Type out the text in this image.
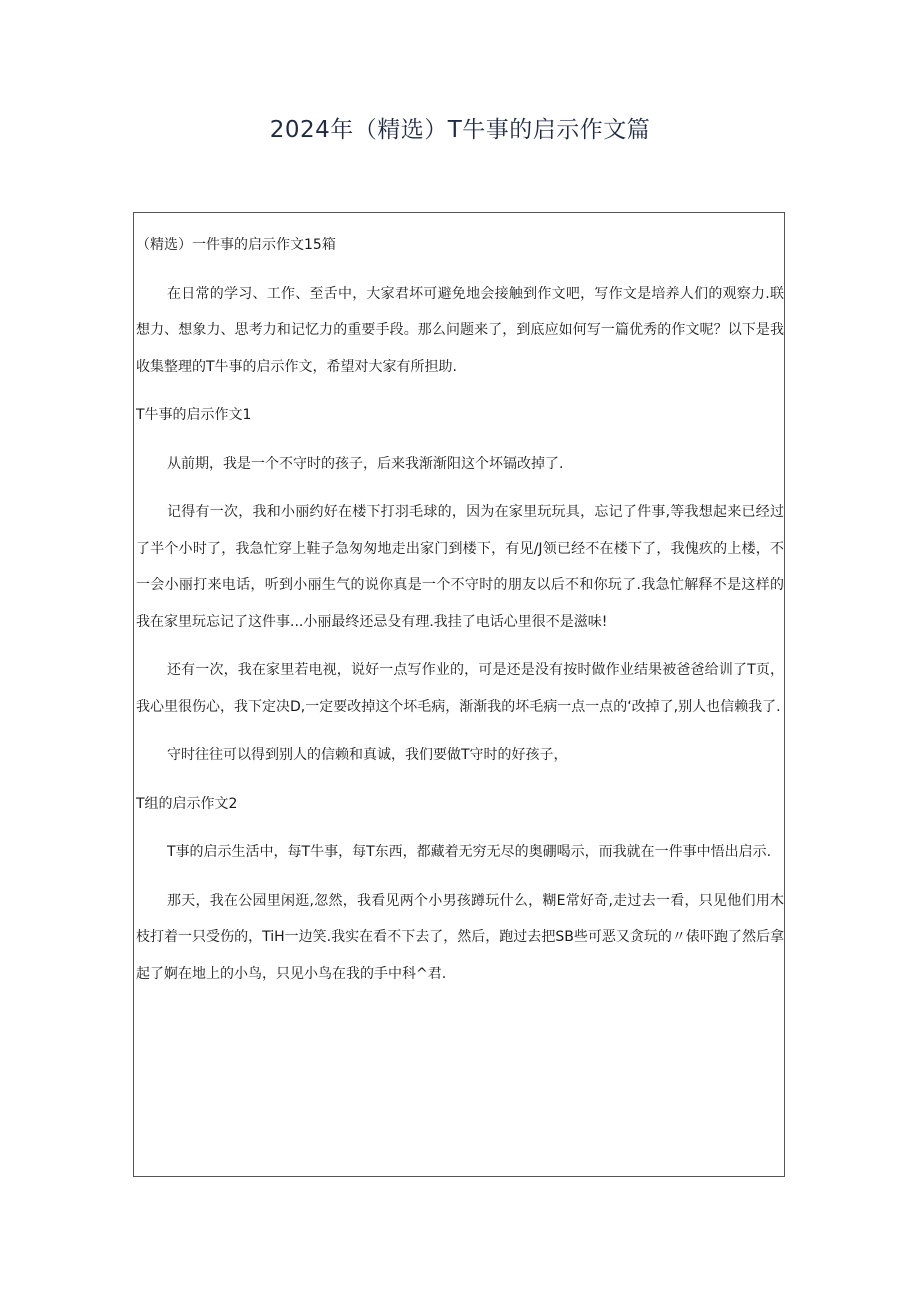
2024年（精选）T牛事的启示作文篇

（精选）一件事的启示作文15箱

在日常的学习、工作、至舌中，大家君坏可避免地会接触到作文吧，写作文是培养人们的观察力.联想力、想象力、思考力和记忆力的重要手段。那么问题来了，到底应如何写一篇优秀的作文呢？以下是我收集整理的T牛事的启示作文，希望对大家有所担助.

T牛事的启示作文1

从前期，我是一个不守时的孩子，后来我渐渐阳这个坏镉改掉了.

记得有一次，我和小丽约好在楼下打羽毛球的，因为在家里玩玩具，忘记了件事,等我想起来已经过了半个小时了，我急忙穿上鞋子急匆匆地走出家门到楼下，有见/J领已经不在楼下了，我傀疚的上楼，不一会小丽打来电话，听到小丽生气的说你真是一个不守时的朋友以后不和你玩了.我急忙解释不是这样的我在家里玩忘记了这件事...小丽最终还忌殳有理.我挂了电话心里很不是滋味!

还有一次，我在家里若电视，说好一点写作业的，可是还是没有按时做作业结果被爸爸给训了T页，我心里很伤心，我下定决D,一定要改掉这个坏毛病，渐渐我的坏毛病一点一点的‘改掉了,别人也信赖我了.

守时往往可以得到别人的信赖和真诚，我们要做T守时的好孩子，

T组的启示作文2

T事的启示生活中，每T牛事，每T东西，都藏着无穷无尽的奥硼喝示，而我就在一件事中悟出启示.

那天，我在公园里闲逛,忽然，我看见两个小男孩蹲玩什么，糊E常好奇,走过去一看，只见他们用木枝打着一只受伤的，TiH一边笑.我实在看不下去了，然后，跑过去把SB些可恶又贪玩的〃俵吓跑了然后拿起了婀在地上的小鸟，只见小鸟在我的手中科^君.
